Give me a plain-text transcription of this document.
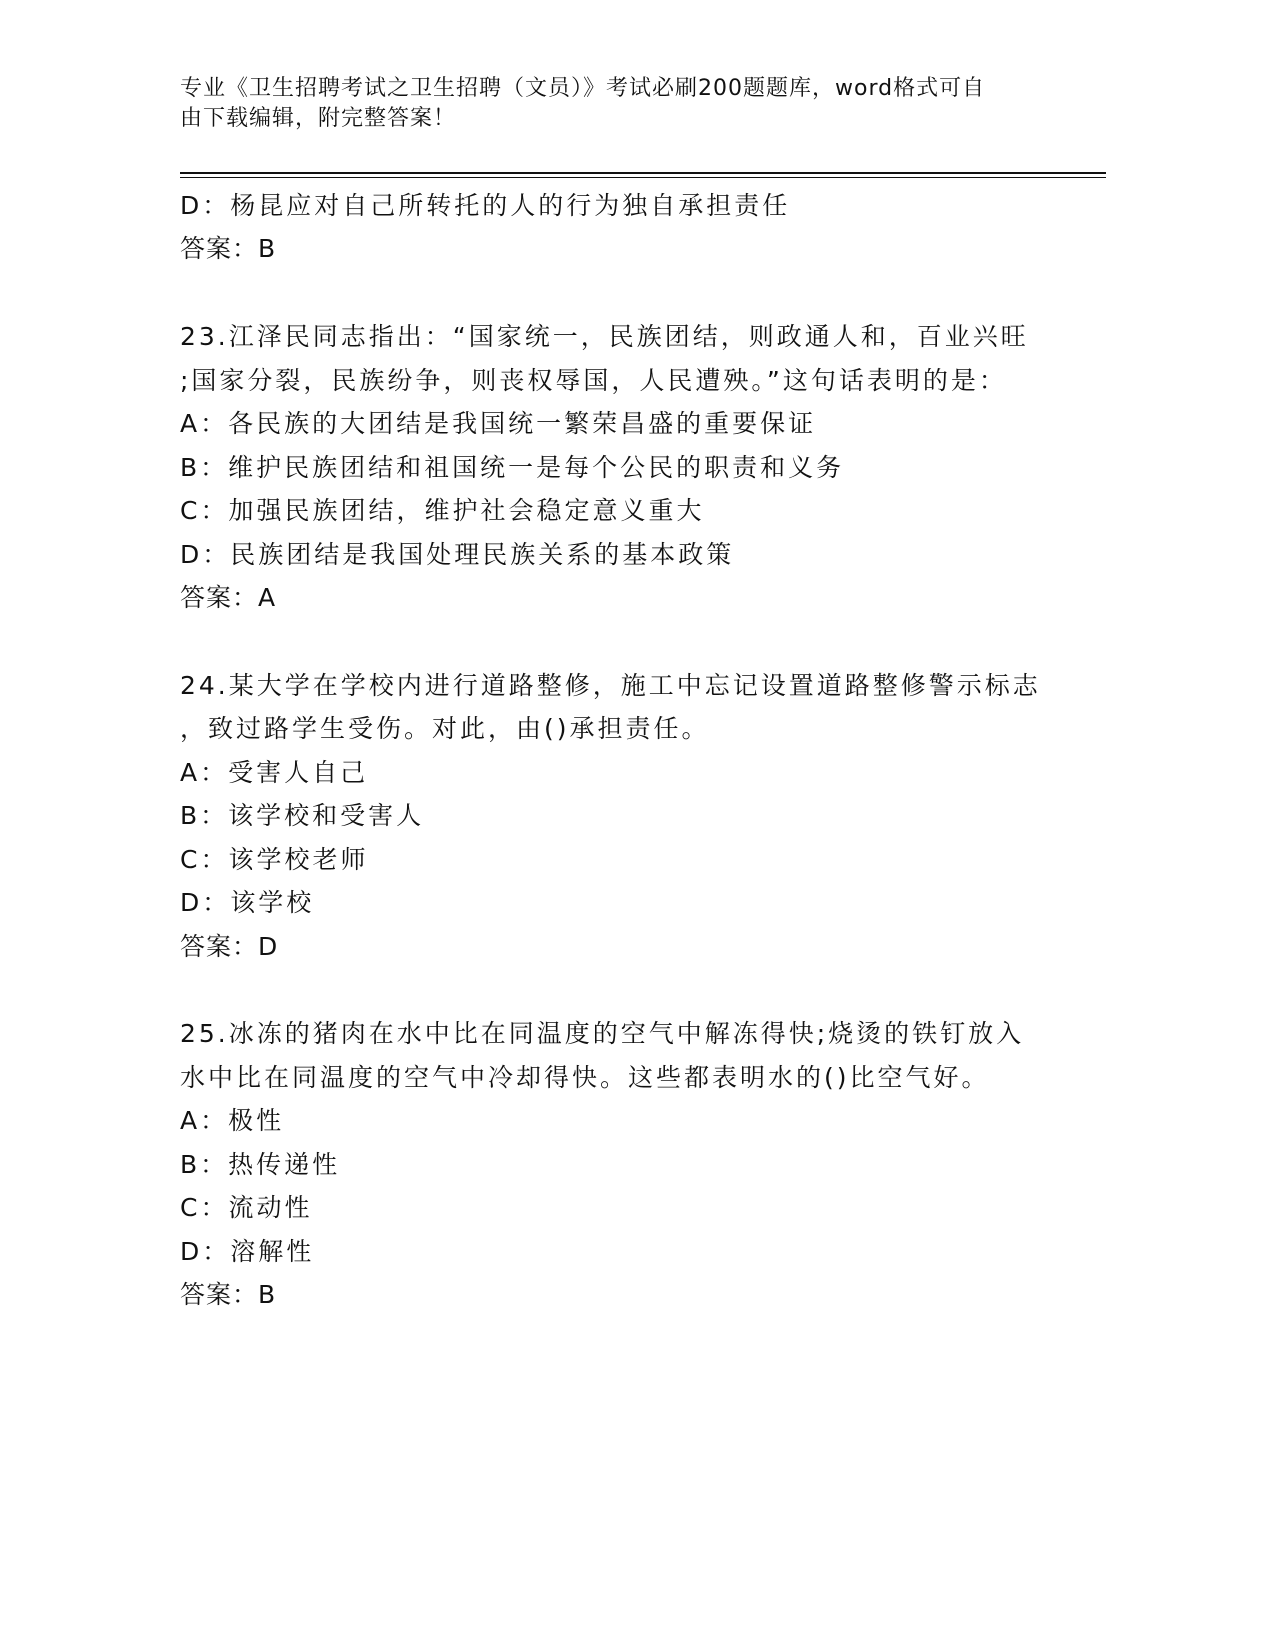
专业《卫生招聘考试之卫生招聘（文员）》考试必刷200题题库，word格式可自
由下载编辑，附完整答案！
D：杨昆应对自己所转托的人的行为独自承担责任
答案：B
23.江泽民同志指出：“国家统一，民族团结，则政通人和，百业兴旺
;国家分裂，民族纷争，则丧权辱国，人民遭殃。”这句话表明的是：
A：各民族的大团结是我国统一繁荣昌盛的重要保证
B：维护民族团结和祖国统一是每个公民的职责和义务
C：加强民族团结，维护社会稳定意义重大
D：民族团结是我国处理民族关系的基本政策
答案：A
24.某大学在学校内进行道路整修，施工中忘记设置道路整修警示标志
，致过路学生受伤。对此，由()承担责任。
A：受害人自己
B：该学校和受害人
C：该学校老师
D：该学校
答案：D
25.冰冻的猪肉在水中比在同温度的空气中解冻得快;烧烫的铁钉放入
水中比在同温度的空气中冷却得快。这些都表明水的()比空气好。
A：极性
B：热传递性
C：流动性
D：溶解性
答案：B
